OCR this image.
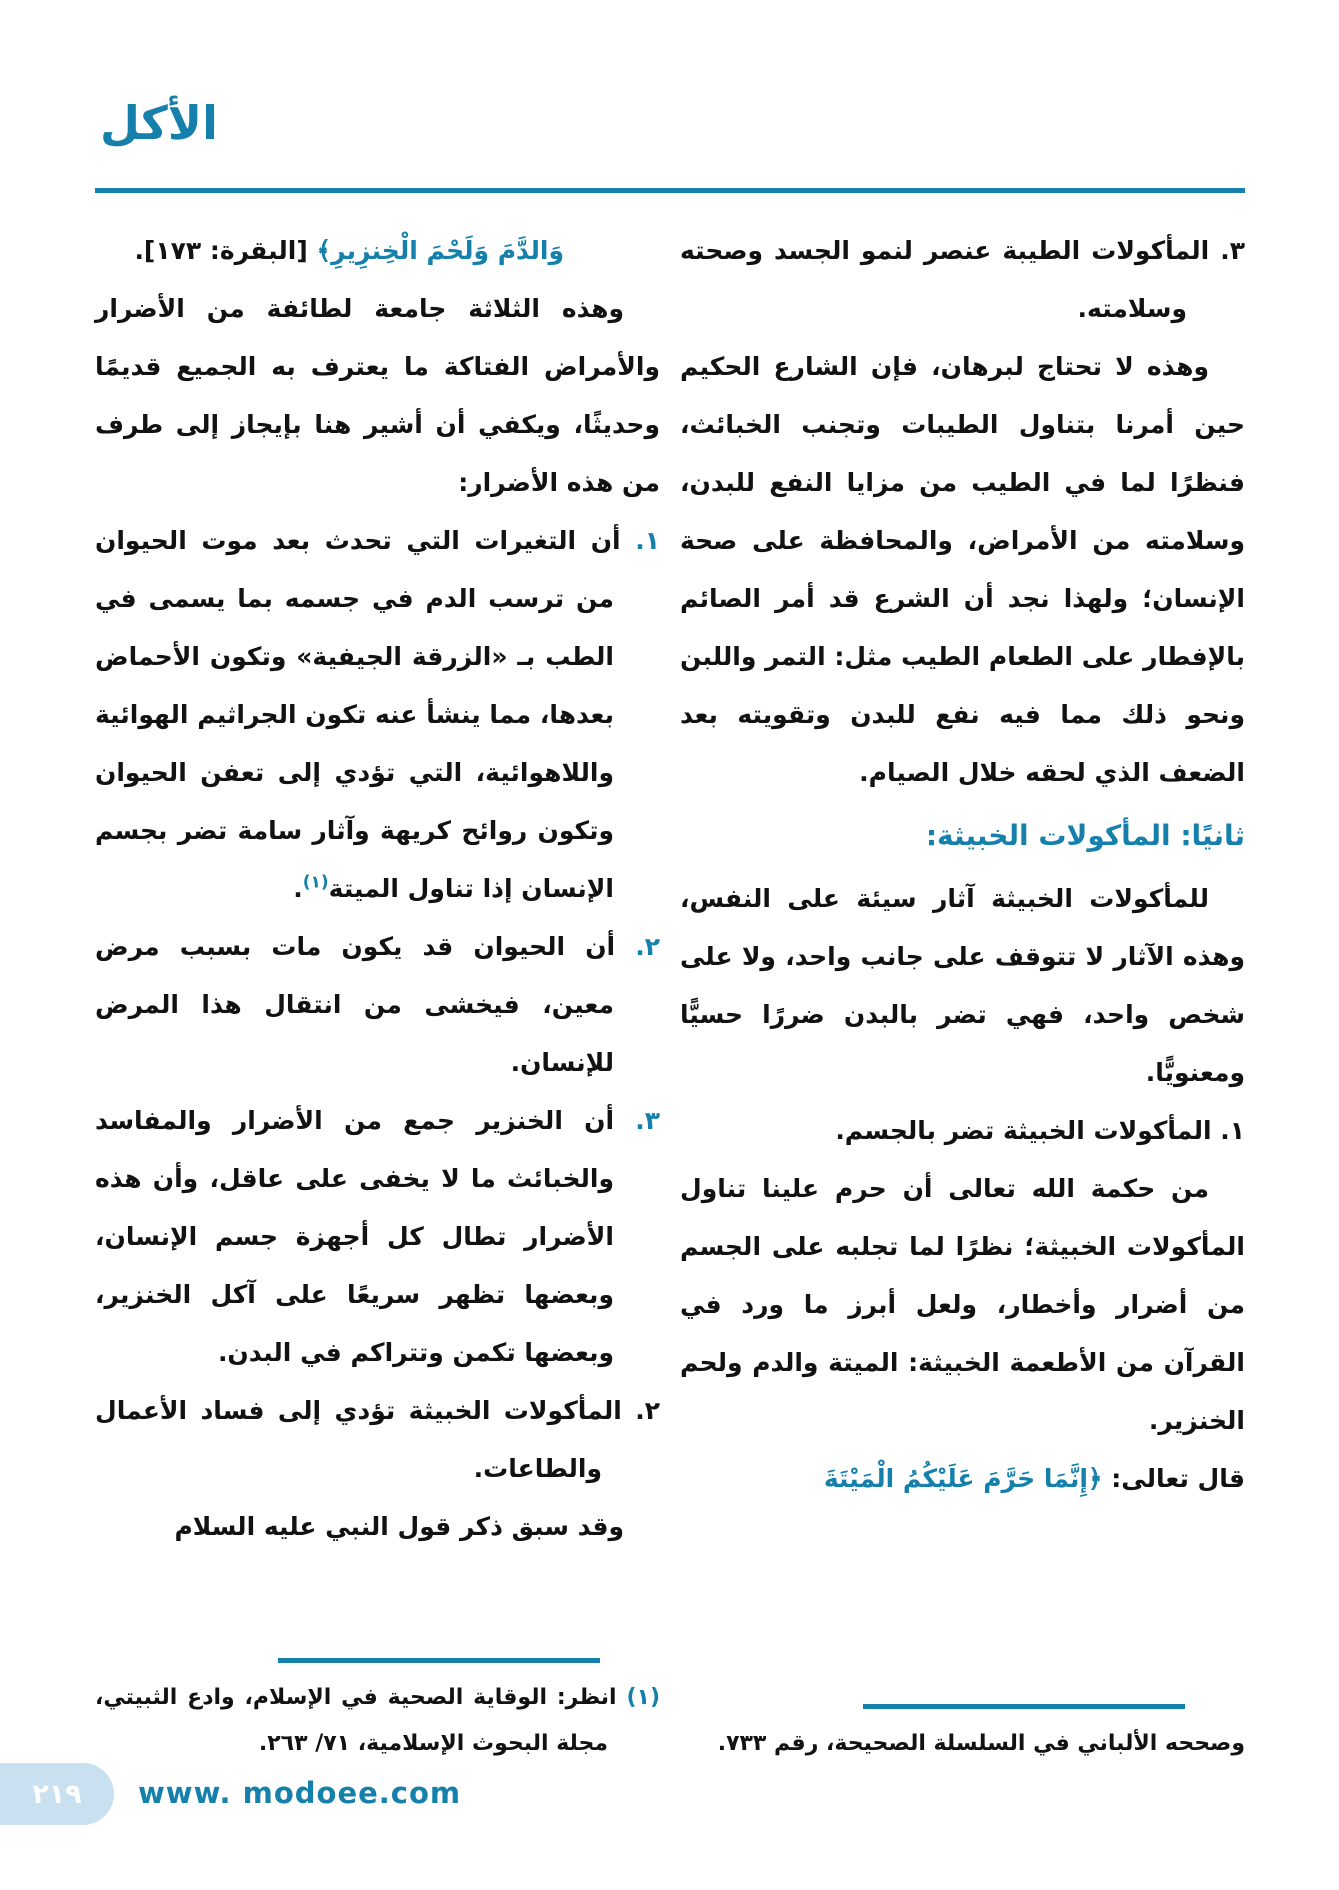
الأكل

٣. المأكولات الطيبة عنصر لنمو الجسد وصحته وسلامته.

وهذه لا تحتاج لبرهان، فإن الشارع الحكيم حين أمرنا بتناول الطيبات وتجنب الخبائث، فنظرًا لما في الطيب من مزايا النفع للبدن، وسلامته من الأمراض، والمحافظة على صحة الإنسان؛ ولهذا نجد أن الشرع قد أمر الصائم بالإفطار على الطعام الطيب مثل: التمر واللبن ونحو ذلك مما فيه نفع للبدن وتقويته بعد الضعف الذي لحقه خلال الصيام.

ثانيًا: المأكولات الخبيثة:

للمأكولات الخبيثة آثار سيئة على النفس، وهذه الآثار لا تتوقف على جانب واحد، ولا على شخص واحد، فهي تضر بالبدن ضررًا حسيًّا ومعنويًّا.

١. المأكولات الخبيثة تضر بالجسم.

من حكمة الله تعالى أن حرم علينا تناول المأكولات الخبيثة؛ نظرًا لما تجلبه على الجسم من أضرار وأخطار، ولعل أبرز ما ورد في القرآن من الأطعمة الخبيثة: الميتة والدم ولحم الخنزير.

قال تعالى: ﴿إِنَّمَا حَرَّمَ عَلَيْكُمُ الْمَيْتَةَ

وصححه الألباني في السلسلة الصحيحة، رقم ٧٣٣.

وَالدَّمَ وَلَحْمَ الْخِنزِيرِ﴾ [البقرة: ١٧٣].

وهذه الثلاثة جامعة لطائفة من الأضرار والأمراض الفتاكة ما يعترف به الجميع قديمًا وحديثًا، ويكفي أن أشير هنا بإيجاز إلى طرف من هذه الأضرار:

١. أن التغيرات التي تحدث بعد موت الحيوان من ترسب الدم في جسمه بما يسمى في الطب بـ «الزرقة الجيفية» وتكون الأحماض بعدها، مما ينشأ عنه تكون الجراثيم الهوائية واللاهوائية، التي تؤدي إلى تعفن الحيوان وتكون روائح كريهة وآثار سامة تضر بجسم الإنسان إذا تناول الميتة$^{(١)}$.

٢. أن الحيوان قد يكون مات بسبب مرض معين، فيخشى من انتقال هذا المرض للإنسان.

٣. أن الخنزير جمع من الأضرار والمفاسد والخبائث ما لا يخفى على عاقل، وأن هذه الأضرار تطال كل أجهزة جسم الإنسان، وبعضها تظهر سريعًا على آكل الخنزير، وبعضها تكمن وتتراكم في البدن.

٢. المأكولات الخبيثة تؤدي إلى فساد الأعمال والطاعات.

وقد سبق ذكر قول النبي عليه السلام

(١) انظر: الوقاية الصحية في الإسلام، وادع الثبيتي، مجلة البحوث الإسلامية، ٧١/ ٢٦٣.

٢١٩ www. modoee.com
